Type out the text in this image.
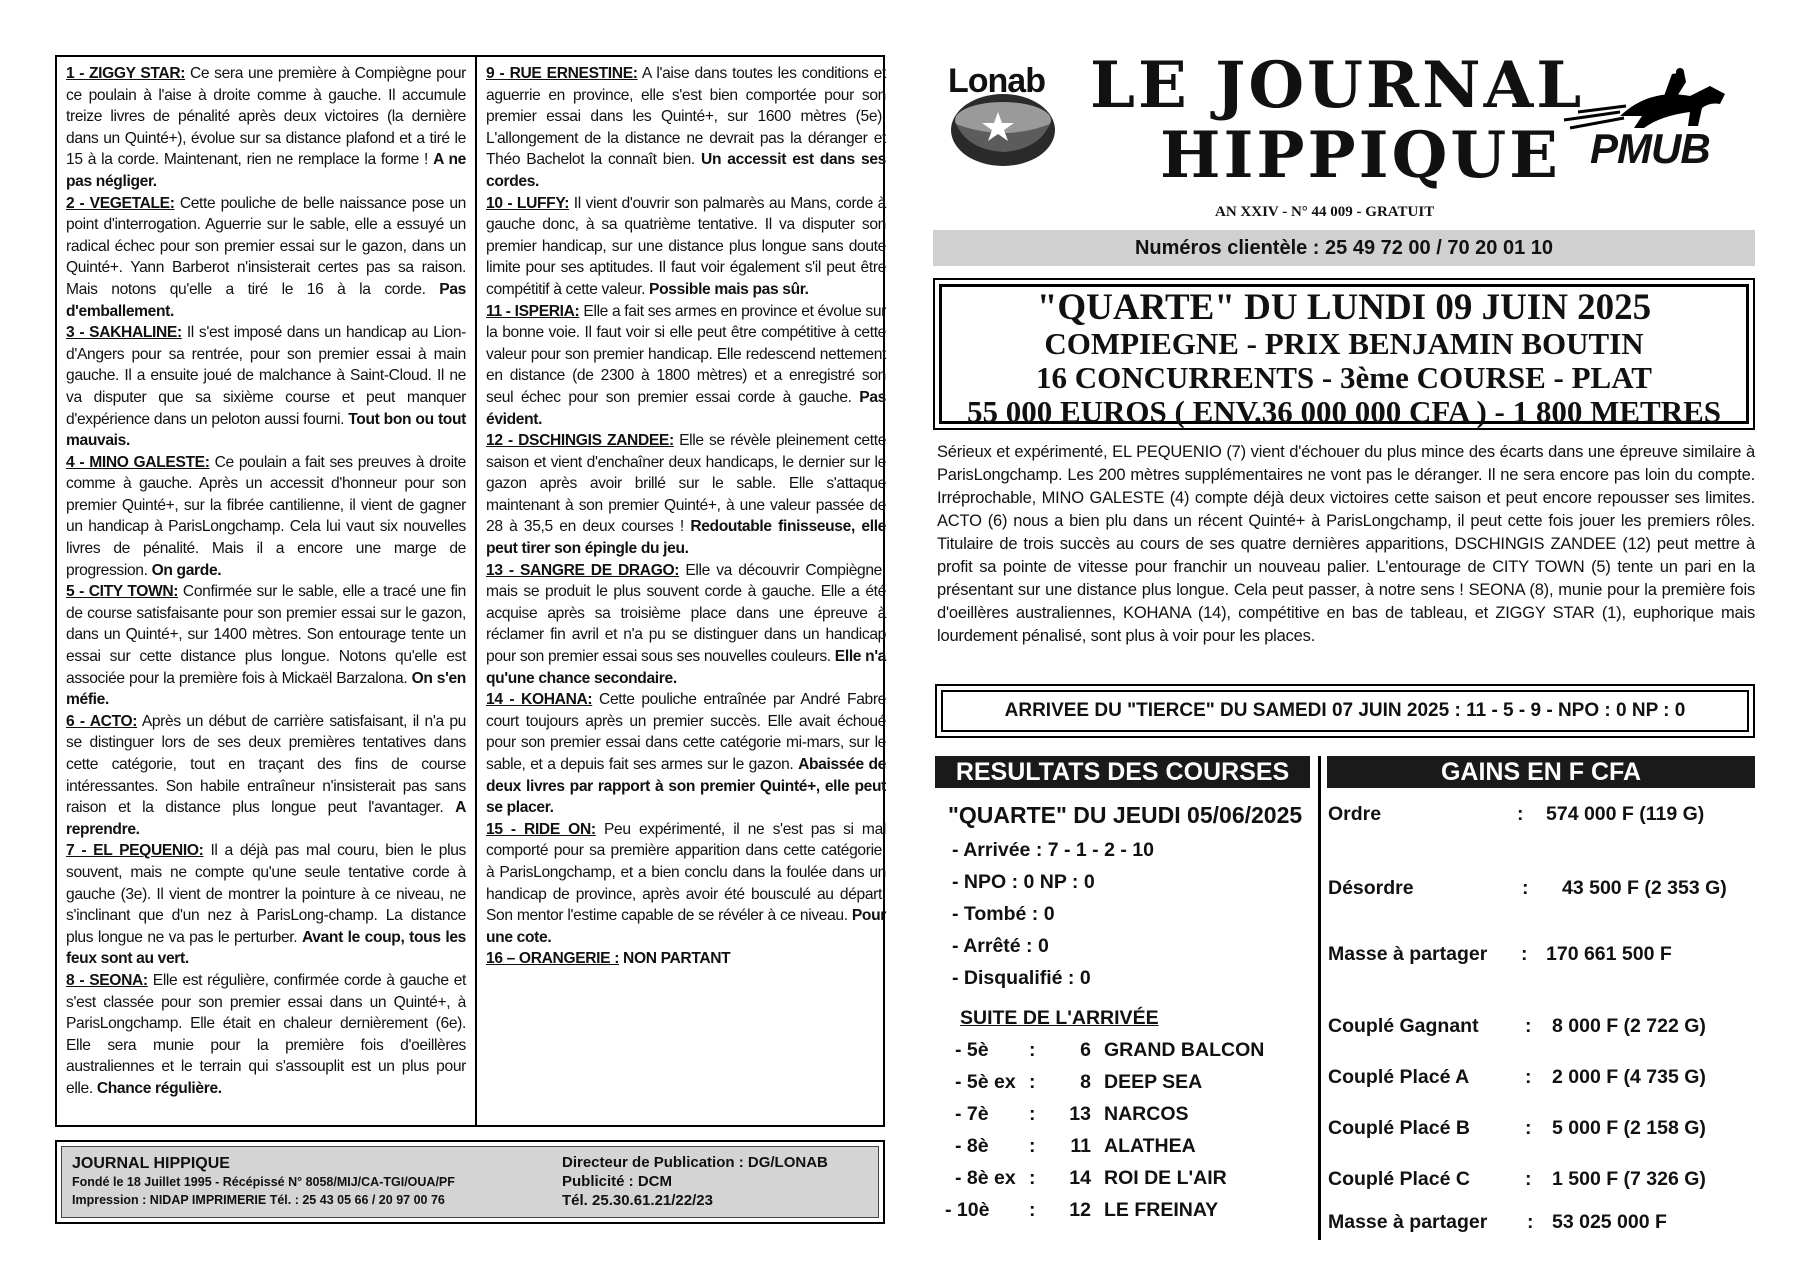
1 - ZIGGY STAR: Ce sera une première à Compiègne pour ce poulain à l'aise à droite comme à gauche. Il accumule treize livres de pénalité après deux victoires (la dernière dans un Quinté+), évolue sur sa distance plafond et a tiré le 15 à la corde. Maintenant, rien ne remplace la forme ! A ne pas négliger.

2 - VEGETALE: Cette pouliche de belle naissance pose un point d'interrogation. Aguerrie sur le sable, elle a essuyé un radical échec pour son premier essai sur le gazon, dans un Quinté+. Yann Barberot n'insisterait certes pas sa raison. Mais notons qu'elle a tiré le 16 à la corde. Pas d'emballement.

3 - SAKHALINE: Il s'est imposé dans un handicap au Lion-d'Angers pour sa rentrée, pour son premier essai à main gauche. Il a ensuite joué de malchance à Saint-Cloud. Il ne va disputer que sa sixième course et peut manquer d'expérience dans un peloton aussi fourni. Tout bon ou tout mauvais.

4 - MINO GALESTE: Ce poulain a fait ses preuves à droite comme à gauche. Après un accessit d'honneur pour son premier Quinté+, sur la fibrée cantilienne, il vient de gagner un handicap à ParisLongchamp. Cela lui vaut six nouvelles livres de pénalité. Mais il a encore une marge de progression. On garde.

5 - CITY TOWN: Confirmée sur le sable, elle a tracé une fin de course satisfaisante pour son premier essai sur le gazon, dans un Quinté+, sur 1400 mètres. Son entourage tente un essai sur cette distance plus longue. Notons qu'elle est associée pour la première fois à Mickaël Barzalona. On s'en méfie.

6 - ACTO: Après un début de carrière satisfaisant, il n'a pu se distinguer lors de ses deux premières tentatives dans cette catégorie, tout en traçant des fins de course intéressantes. Son habile entraîneur n'insisterait pas sans raison et la distance plus longue peut l'avantager. A reprendre.

7 - EL PEQUENIO: Il a déjà pas mal couru, bien le plus souvent, mais ne compte qu'une seule tentative corde à gauche (3e). Il vient de montrer la pointure à ce niveau, ne s'inclinant que d'un nez à ParisLong-champ. La distance plus longue ne va pas le perturber. Avant le coup, tous les feux sont au vert.

8 - SEONA: Elle est régulière, confirmée corde à gauche et s'est classée pour son premier essai dans un Quinté+, à ParisLongchamp. Elle était en chaleur dernièrement (6e). Elle sera munie pour la première fois d'oeillères australiennes et le terrain qui s'assouplit est un plus pour elle. Chance régulière.

9 - RUE ERNESTINE: A l'aise dans toutes les conditions et aguerrie en province, elle s'est bien comportée pour son premier essai dans les Quinté+, sur 1600 mètres (5e). L'allongement de la distance ne devrait pas la déranger et Théo Bachelot la connaît bien. Un accessit est dans ses cordes.

10 - LUFFY: Il vient d'ouvrir son palmarès au Mans, corde à gauche donc, à sa quatrième tentative. Il va disputer son premier handicap, sur une distance plus longue sans doute limite pour ses aptitudes. Il faut voir également s'il peut être compétitif à cette valeur. Possible mais pas sûr.

11 - ISPERIA: Elle a fait ses armes en province et évolue sur la bonne voie. Il faut voir si elle peut être compétitive à cette valeur pour son premier handicap. Elle redescend nettement en distance (de 2300 à 1800 mètres) et a enregistré son seul échec pour son premier essai corde à gauche. Pas évident.

12 - DSCHINGIS ZANDEE: Elle se révèle pleinement cette saison et vient d'enchaîner deux handicaps, le dernier sur le gazon après avoir brillé sur le sable. Elle s'attaque maintenant à son premier Quinté+, à une valeur passée de 28 à 35,5 en deux courses ! Redoutable finisseuse, elle peut tirer son épingle du jeu.

13 - SANGRE DE DRAGO: Elle va découvrir Compiègne, mais se produit le plus souvent corde à gauche. Elle a été acquise après sa troisième place dans une épreuve à réclamer fin avril et n'a pu se distinguer dans un handicap pour son premier essai sous ses nouvelles couleurs. Elle n'a qu'une chance secondaire.

14 - KOHANA: Cette pouliche entraînée par André Fabre court toujours après un premier succès. Elle avait échoué pour son premier essai dans cette catégorie mi-mars, sur le sable, et a depuis fait ses armes sur le gazon. Abaissée de deux livres par rapport à son premier Quinté+, elle peut se placer.

15 - RIDE ON: Peu expérimenté, il ne s'est pas si mal comporté pour sa première apparition dans cette catégorie, à ParisLongchamp, et a bien conclu dans la foulée dans un handicap de province, après avoir été bousculé au départ. Son mentor l'estime capable de se révéler à ce niveau. Pour une cote.

16 – ORANGERIE : NON PARTANT

JOURNAL HIPPIQUE
Fondé le 18 Juillet 1995 - Récépissé N° 8058/MIJ/CA-TGI/OUA/PF
Impression : NIDAP IMPRIMERIE Tél. : 25 43 05 66 / 20 97 00 76
Directeur de Publication : DG/LONAB
Publicité : DCM
Tél. 25.30.61.21/22/23
Lonab LE JOURNAL
HIPPIQUE PMUB
AN XXIV - N° 44 009 - GRATUIT
Numéros clientèle : 25 49 72 00 / 70 20 01 10
"QUARTE" DU LUNDI 09 JUIN 2025
COMPIEGNE - PRIX BENJAMIN BOUTIN
16 CONCURRENTS - 3ème COURSE - PLAT
55 000 EUROS ( ENV.36 000 000 CFA ) - 1 800 METRES
Sérieux et expérimenté, EL PEQUENIO (7) vient d'échouer du plus mince des écarts dans une épreuve similaire à ParisLongchamp. Les 200 mètres supplémentaires ne vont pas le déranger. Il ne sera encore pas loin du compte. Irréprochable, MINO GALESTE (4) compte déjà deux victoires cette saison et peut encore repousser ses limites. ACTO (6) nous a bien plu dans un récent Quinté+ à ParisLongchamp, il peut cette fois jouer les premiers rôles. Titulaire de trois succès au cours de ses quatre dernières apparitions, DSCHINGIS ZANDEE (12) peut mettre à profit sa pointe de vitesse pour franchir un nouveau palier. L'entourage de CITY TOWN (5) tente un pari en la présentant sur une distance plus longue. Cela peut passer, à notre sens ! SEONA (8), munie pour la première fois d'oeillères australiennes, KOHANA (14), compétitive en bas de tableau, et ZIGGY STAR (1), euphorique mais lourdement pénalisé, sont plus à voir pour les places.
ARRIVEE DU "TIERCE" DU SAMEDI 07 JUIN 2025 : 11 - 5 - 9 - NPO : 0 NP : 0
RESULTATS DES COURSES	GAINS EN F CFA
"QUARTE" DU JEUDI 05/06/2025
- Arrivée : 7 - 1 - 2 - 10
- NPO : 0 NP : 0
- Tombé : 0
- Arrêté : 0
- Disqualifié : 0
SUITE DE L'ARRIVÉE
- 5è :	6 GRAND BALCON
- 5è ex :	8 DEEP SEA
- 7è :	13 NARCOS
- 8è :	11 ALATHEA
- 8è ex :	14 ROI DE L'AIR
- 10è :	12 LE FREINAY
Ordre	: 574 000 F (119 G)
Désordre	: 43 500 F (2 353 G)
Masse à partager : 170 661 500 F
Couplé Gagnant : 8 000 F (2 722 G)
Couplé Placé A	: 2 000 F (4 735 G)
Couplé Placé B	: 5 000 F (2 158 G)
Couplé Placé C	: 1 500 F (7 326 G)
Masse à partager : 53 025 000 F
